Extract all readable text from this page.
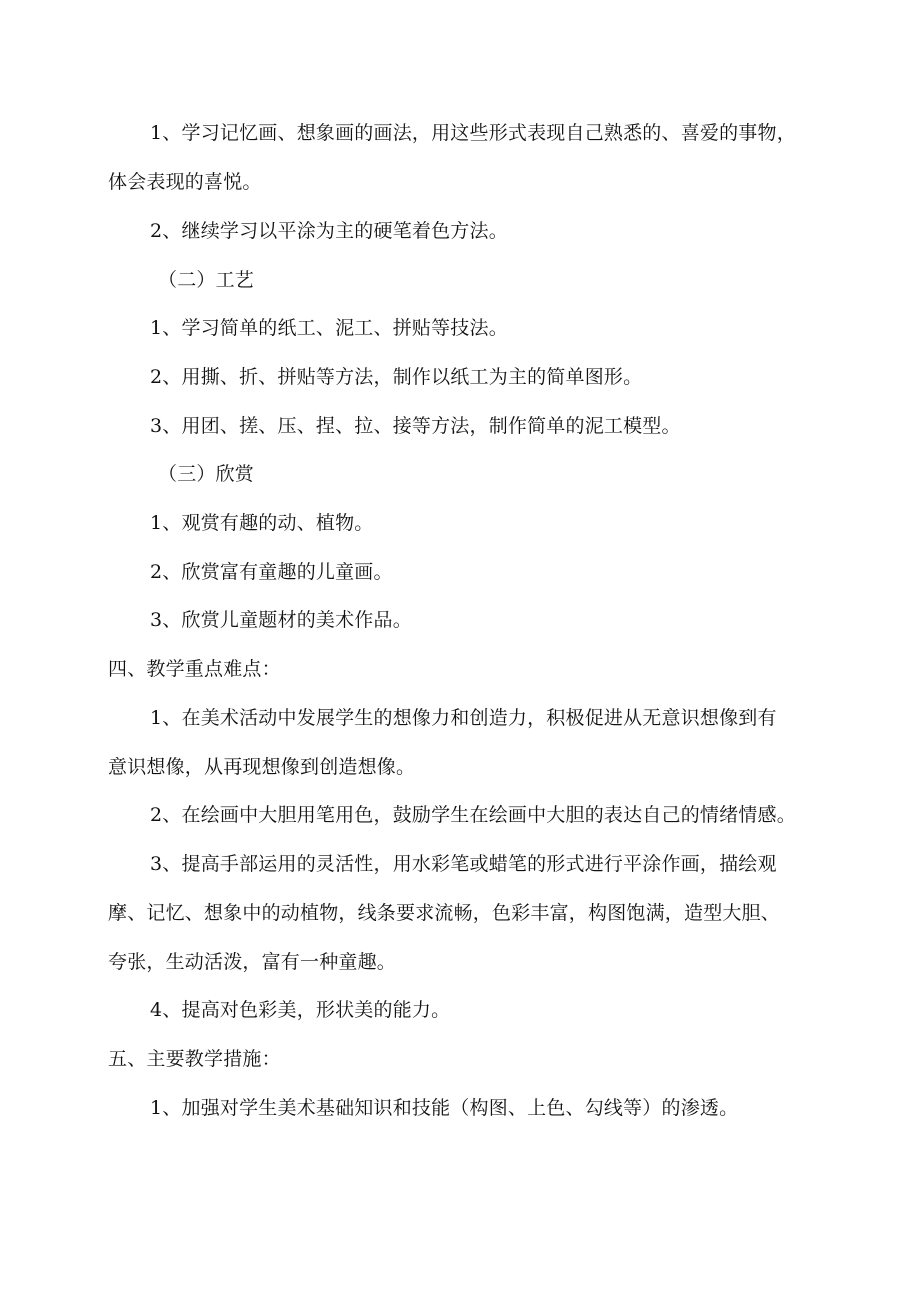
1、学习记忆画、想象画的画法，用这些形式表现自己熟悉的、喜爱的事物，
体会表现的喜悦。
2、继续学习以平涂为主的硬笔着色方法。
（二）工艺
1、学习简单的纸工、泥工、拼贴等技法。
2、用撕、折、拼贴等方法，制作以纸工为主的简单图形。
3、用团、搓、压、捏、拉、接等方法，制作简单的泥工模型。
（三）欣赏
1、观赏有趣的动、植物。
2、欣赏富有童趣的儿童画。
3、欣赏儿童题材的美术作品。
四、教学重点难点：
1、在美术活动中发展学生的想像力和创造力，积极促进从无意识想像到有
意识想像，从再现想像到创造想像。
2、在绘画中大胆用笔用色，鼓励学生在绘画中大胆的表达自己的情绪情感。
3、提高手部运用的灵活性，用水彩笔或蜡笔的形式进行平涂作画，描绘观
摩、记忆、想象中的动植物，线条要求流畅，色彩丰富，构图饱满，造型大胆、
夸张，生动活泼，富有一种童趣。
4、提高对色彩美，形状美的能力。
五、主要教学措施：
1、加强对学生美术基础知识和技能（构图、上色、勾线等）的渗透。
